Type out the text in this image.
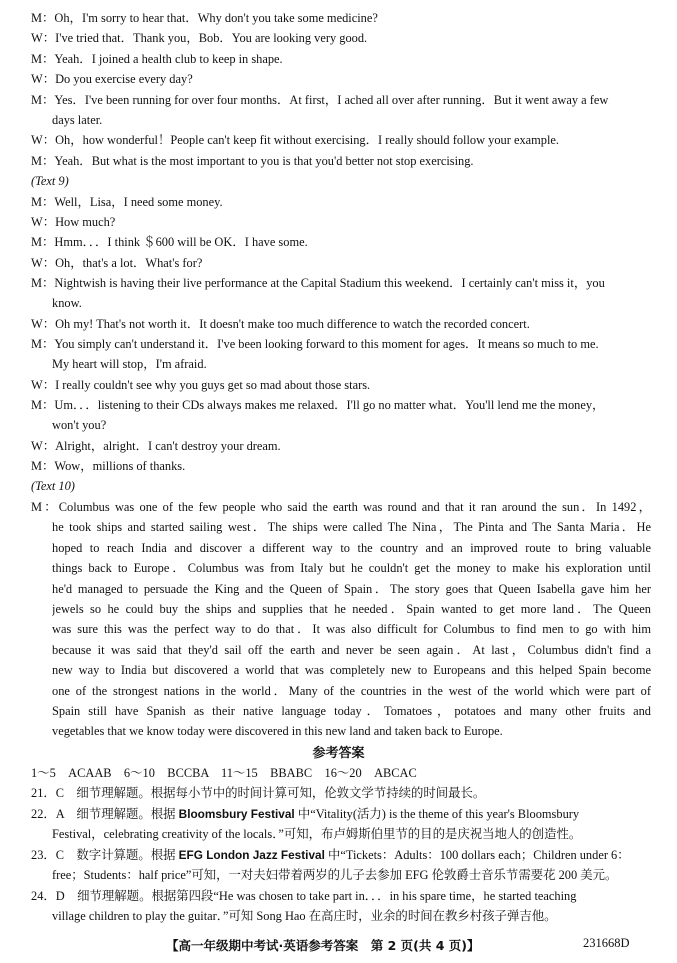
M：Oh，I'm sorry to hear that．Why don't you take some medicine?
W：I've tried that．Thank you，Bob．You are looking very good.
M：Yeah．I joined a health club to keep in shape.
W：Do you exercise every day?
M：Yes．I've been running for over four months．At first，I ached all over after running．But it went away a few
days later.
W：Oh，how wonderful！People can't keep fit without exercising．I really should follow your example.
M：Yeah．But what is the most important to you is that you'd better not stop exercising.
(Text 9)
M：Well，Lisa，I need some money.
W：How much?
M：Hmm．．．I think ＄600 will be OK．I have some.
W：Oh，that's a lot．What's for?
M：Nightwish is having their live performance at the Capital Stadium this weekend．I certainly can't miss it，you
know.
W：Oh my! That's not worth it．It doesn't make too much difference to watch the recorded concert.
M：You simply can't understand it．I've been looking forward to this moment for ages．It means so much to me.
My heart will stop，I'm afraid.
W：I really couldn't see why you guys get so mad about those stars.
M：Um．．．listening to their CDs always makes me relaxed．I'll go no matter what．You'll lend me the money，
won't you?
W：Alright，alright．I can't destroy your dream.
M：Wow，millions of thanks.
(Text 10)
M：Columbus was one of the few people who said the earth was round and that it ran around the sun．In 1492，
he took ships and started sailing west．The ships were called The Nina，The Pinta and The Santa Maria．He
hoped to reach India and discover a different way to the country and an improved route to bring valuable
things back to Europe．Columbus was from Italy but he couldn't get the money to make his exploration until
he'd managed to persuade the King and the Queen of Spain．The story goes that Queen Isabella gave him her
jewels so he could buy the ships and supplies that he needed．Spain wanted to get more land．The Queen
was sure this was the perfect way to do that．It was also difficult for Columbus to find men to go with him
because it was said that they'd sail off the earth and never be seen again．At last，Columbus didn't find a
new way to India but discovered a world that was completely new to Europeans and this helped Spain become
one of the strongest nations in the world．Many of the countries in the west of the world which were part of
Spain still have Spanish as their native language today．Tomatoes，potatoes and many other fruits and
vegetables that we know today were discovered in this new land and taken back to Europe.
参考答案
1～5　ACAAB　6～10　BCCBA　11～15　BBABC　16～20　ABCAC
21．C　细节理解题。根据每小节中的时间计算可知，伦敦文学节持续的时间最长。
22．A　细节理解题。根据 Bloomsbury Festival 中“Vitality(活力) is the theme of this year's Bloomsbury
Festival，celebrating creativity of the locals．”可知，布卢姆斯伯里节的目的是庆祝当地人的创造性。
23．C　数字计算题。根据 EFG London Jazz Festival 中“Tickets：Adults：100 dollars each；Children under 6：
free；Students：half price”可知，一对夫妇带着两岁的儿子去参加 EFG 伦敦爵士音乐节需要花 200 美元。
24．D　细节理解题。根据第四段“He was chosen to take part in．．．in his spare time，he started teaching
village children to play the guitar．”可知 Song Hao 在高庄时，业余的时间在教乡村孩子弹吉他。
【高一年级期中考试·英语参考答案　第 2 页(共 4 页)】	231668D
